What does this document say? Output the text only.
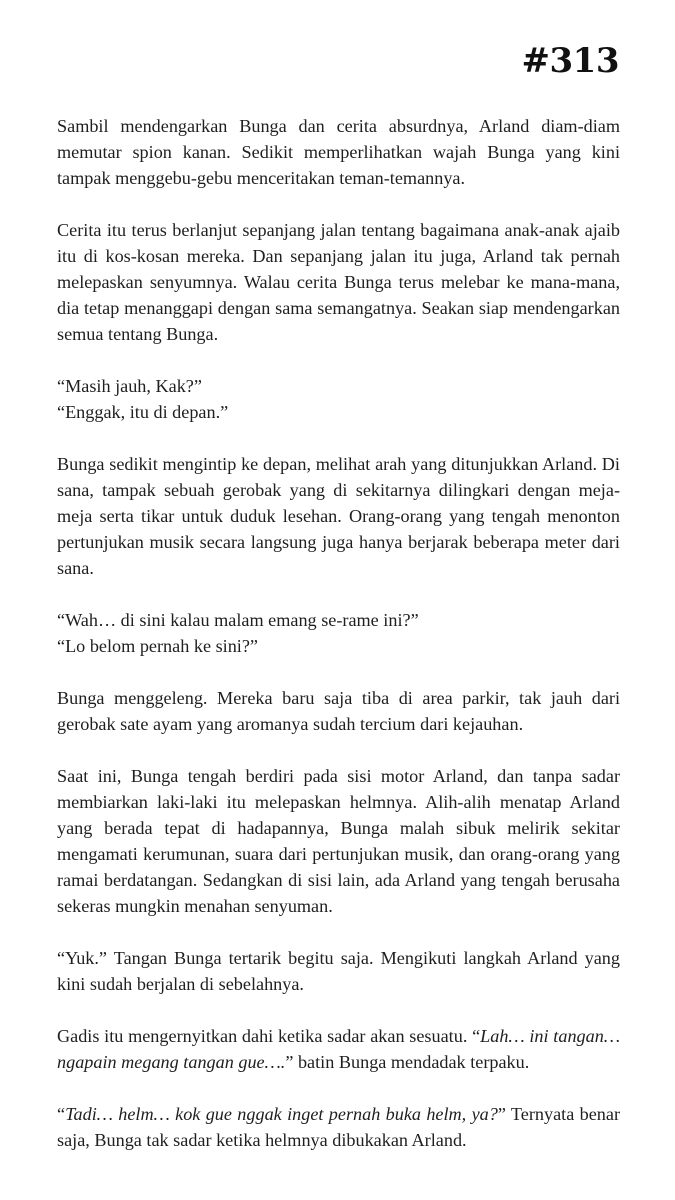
#313

Sambil mendengarkan Bunga dan cerita absurdnya, Arland diam-diam memutar spion kanan. Sedikit memperlihatkan wajah Bunga yang kini tampak menggebu-gebu menceritakan teman-temannya.

Cerita itu terus berlanjut sepanjang jalan tentang bagaimana anak-anak ajaib itu di kos-kosan mereka. Dan sepanjang jalan itu juga, Arland tak pernah melepaskan senyumnya. Walau cerita Bunga terus melebar ke mana-mana, dia tetap menanggapi dengan sama semangatnya. Seakan siap mendengarkan semua tentang Bunga.

“Masih jauh, Kak?”
“Enggak, itu di depan.”

Bunga sedikit mengintip ke depan, melihat arah yang ditunjukkan Arland. Di sana, tampak sebuah gerobak yang di sekitarnya dilingkari dengan meja-meja serta tikar untuk duduk lesehan. Orang-orang yang tengah menonton pertunjukan musik secara langsung juga hanya berjarak beberapa meter dari sana.

“Wah… di sini kalau malam emang se-rame ini?”
“Lo belom pernah ke sini?”

Bunga menggeleng. Mereka baru saja tiba di area parkir, tak jauh dari gerobak sate ayam yang aromanya sudah tercium dari kejauhan.

Saat ini, Bunga tengah berdiri pada sisi motor Arland, dan tanpa sadar membiarkan laki-laki itu melepaskan helmnya. Alih-alih menatap Arland yang berada tepat di hadapannya, Bunga malah sibuk melirik sekitar mengamati kerumunan, suara dari pertunjukan musik, dan orang-orang yang ramai berdatangan. Sedangkan di sisi lain, ada Arland yang tengah berusaha sekeras mungkin menahan senyuman.

“Yuk.” Tangan Bunga tertarik begitu saja. Mengikuti langkah Arland yang kini sudah berjalan di sebelahnya.

Gadis itu mengernyitkan dahi ketika sadar akan sesuatu. “Lah… ini tangan… ngapain megang tangan gue….” batin Bunga mendadak terpaku.

“Tadi… helm… kok gue nggak inget pernah buka helm, ya?” Ternyata benar saja, Bunga tak sadar ketika helmnya dibukakan Arland.
